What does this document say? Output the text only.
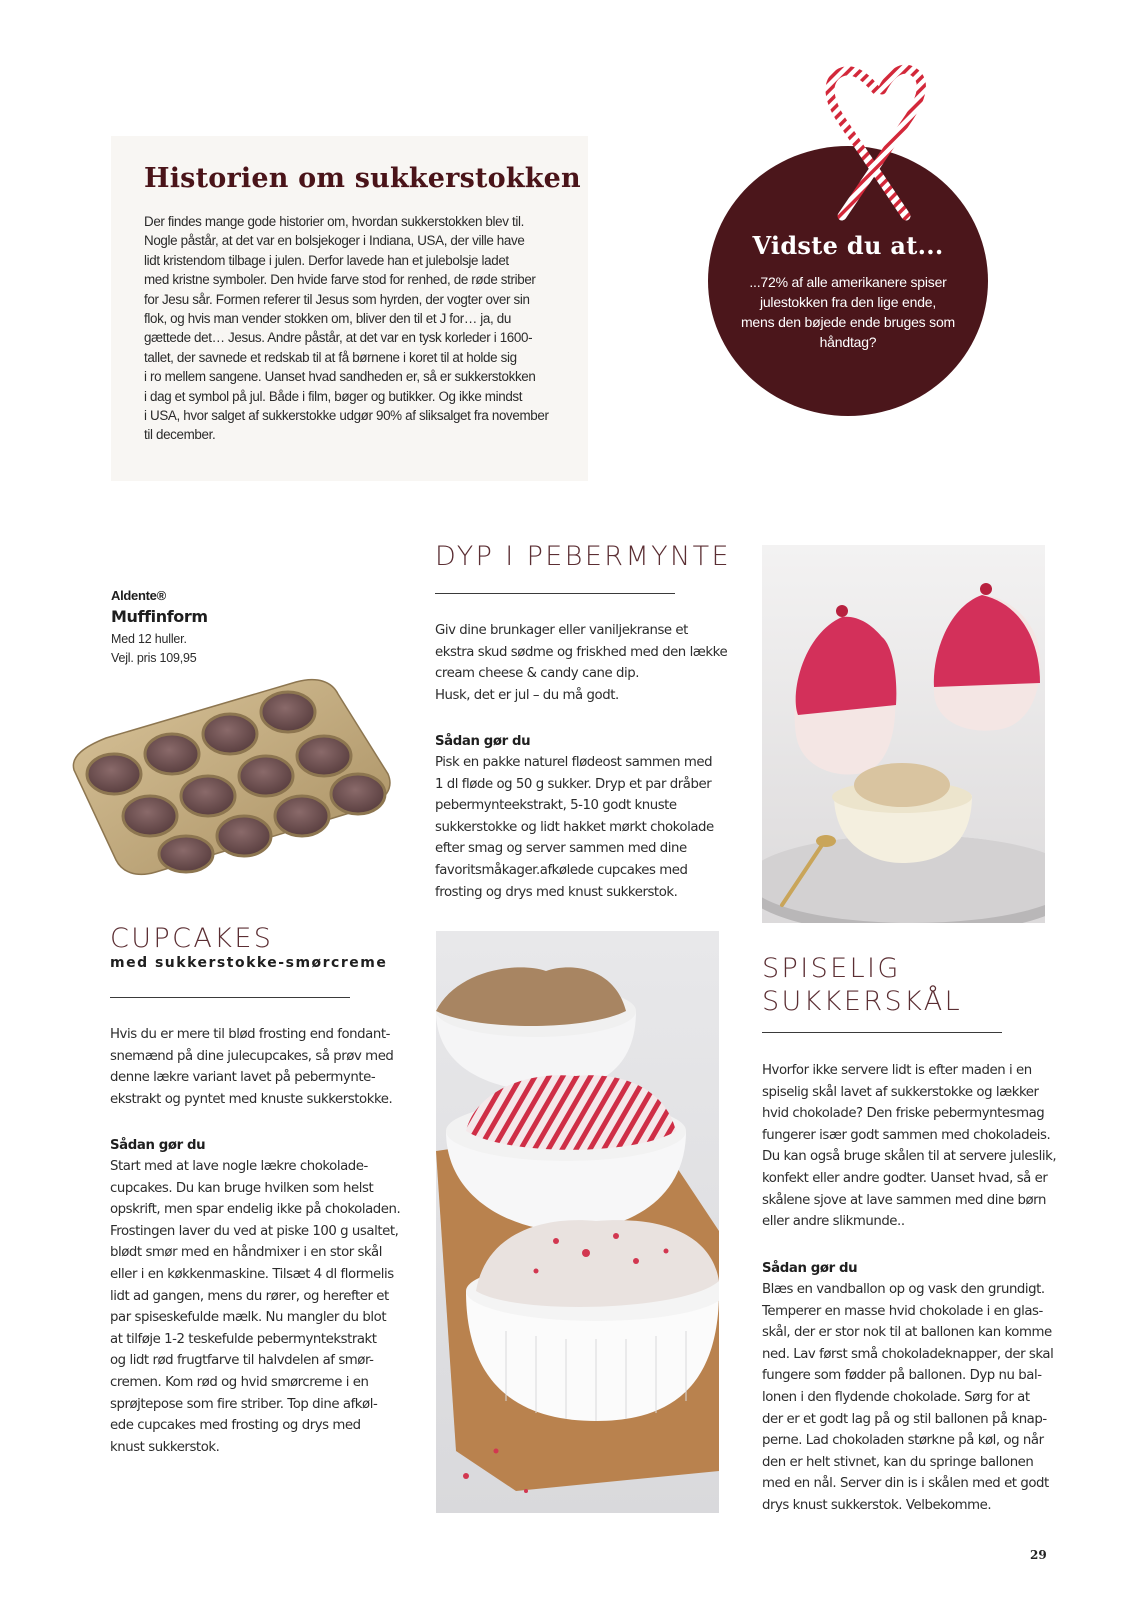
Historien om sukkerstokken
Der findes mange gode historier om, hvordan sukkerstokken blev til.
Nogle påstår, at det var en bolsjekoger i Indiana, USA, der ville have
lidt kristendom tilbage i julen. Derfor lavede han et julebolsje ladet
med kristne symboler. Den hvide farve stod for renhed, de røde striber
for Jesu sår. Formen referer til Jesus som hyrden, der vogter over sin
flok, og hvis man vender stokken om, bliver den til et J for… ja, du
gættede det… Jesus. Andre påstår, at det var en tysk korleder i 1600-
tallet, der savnede et redskab til at få børnene i koret til at holde sig
i ro mellem sangene. Uanset hvad sandheden er, så er sukkerstokken
i dag et symbol på jul. Både i film, bøger og butikker. Og ikke mindst
i USA, hvor salget af sukkerstokke udgør 90% af sliksalget fra november
til december.
Vidste du at...
...72% af alle amerikanere spiser
julestokken fra den lige ende,
mens den bøjede ende bruges som
håndtag?
Aldente®
Muffinform
Med 12 huller.
Vejl. pris 109,95
DYP I PEBERMYNTE
Giv dine brunkager eller vaniljekranse et
ekstra skud sødme og friskhed med den lække
cream cheese & candy cane dip.
Husk, det er jul – du må godt.
Sådan gør du
Pisk en pakke naturel flødeost sammen med
1 dl fløde og 50 g sukker. Dryp et par dråber
pebermynteekstrakt, 5-10 godt knuste
sukkerstokke og lidt hakket mørkt chokolade
efter smag og server sammen med dine
favoritsmåkager.afkølede cupcakes med
frosting og drys med knust sukkerstok.
CUPCAKES
med sukkerstokke-smørcreme
Hvis du er mere til blød frosting end fondant-
snemænd på dine julecupcakes, så prøv med
denne lækre variant lavet på pebermynte-
ekstrakt og pyntet med knuste sukkerstokke.
Sådan gør du
Start med at lave nogle lækre chokolade-
cupcakes. Du kan bruge hvilken som helst
opskrift, men spar endelig ikke på chokoladen.
Frostingen laver du ved at piske 100 g usaltet,
blødt smør med en håndmixer i en stor skål
eller i en køkkenmaskine. Tilsæt 4 dl flormelis
lidt ad gangen, mens du rører, og herefter et
par spiseskefulde mælk. Nu mangler du blot
at tilføje 1-2 teskefulde pebermyntekstrakt
og lidt rød frugtfarve til halvdelen af smør-
cremen. Kom rød og hvid smørcreme i en
sprøjtepose som fire striber. Top dine afkøl-
ede cupcakes med frosting og drys med
knust sukkerstok.
SPISELIG
SUKKERSKÅL
Hvorfor ikke servere lidt is efter maden i en
spiselig skål lavet af sukkerstokke og lækker
hvid chokolade? Den friske pebermyntesmag
fungerer især godt sammen med chokoladeis.
Du kan også bruge skålen til at servere juleslik,
konfekt eller andre godter. Uanset hvad, så er
skålene sjove at lave sammen med dine børn
eller andre slikmunde..
Sådan gør du
Blæs en vandballon op og vask den grundigt.
Temperer en masse hvid chokolade i en glas-
skål, der er stor nok til at ballonen kan komme
ned. Lav først små chokoladeknapper, der skal
fungere som fødder på ballonen. Dyp nu bal-
lonen i den flydende chokolade. Sørg for at
der er et godt lag på og stil ballonen på knap-
perne. Lad chokoladen størkne på køl, og når
den er helt stivnet, kan du springe ballonen
med en nål. Server din is i skålen med et godt
drys knust sukkerstok. Velbekomme.
29
